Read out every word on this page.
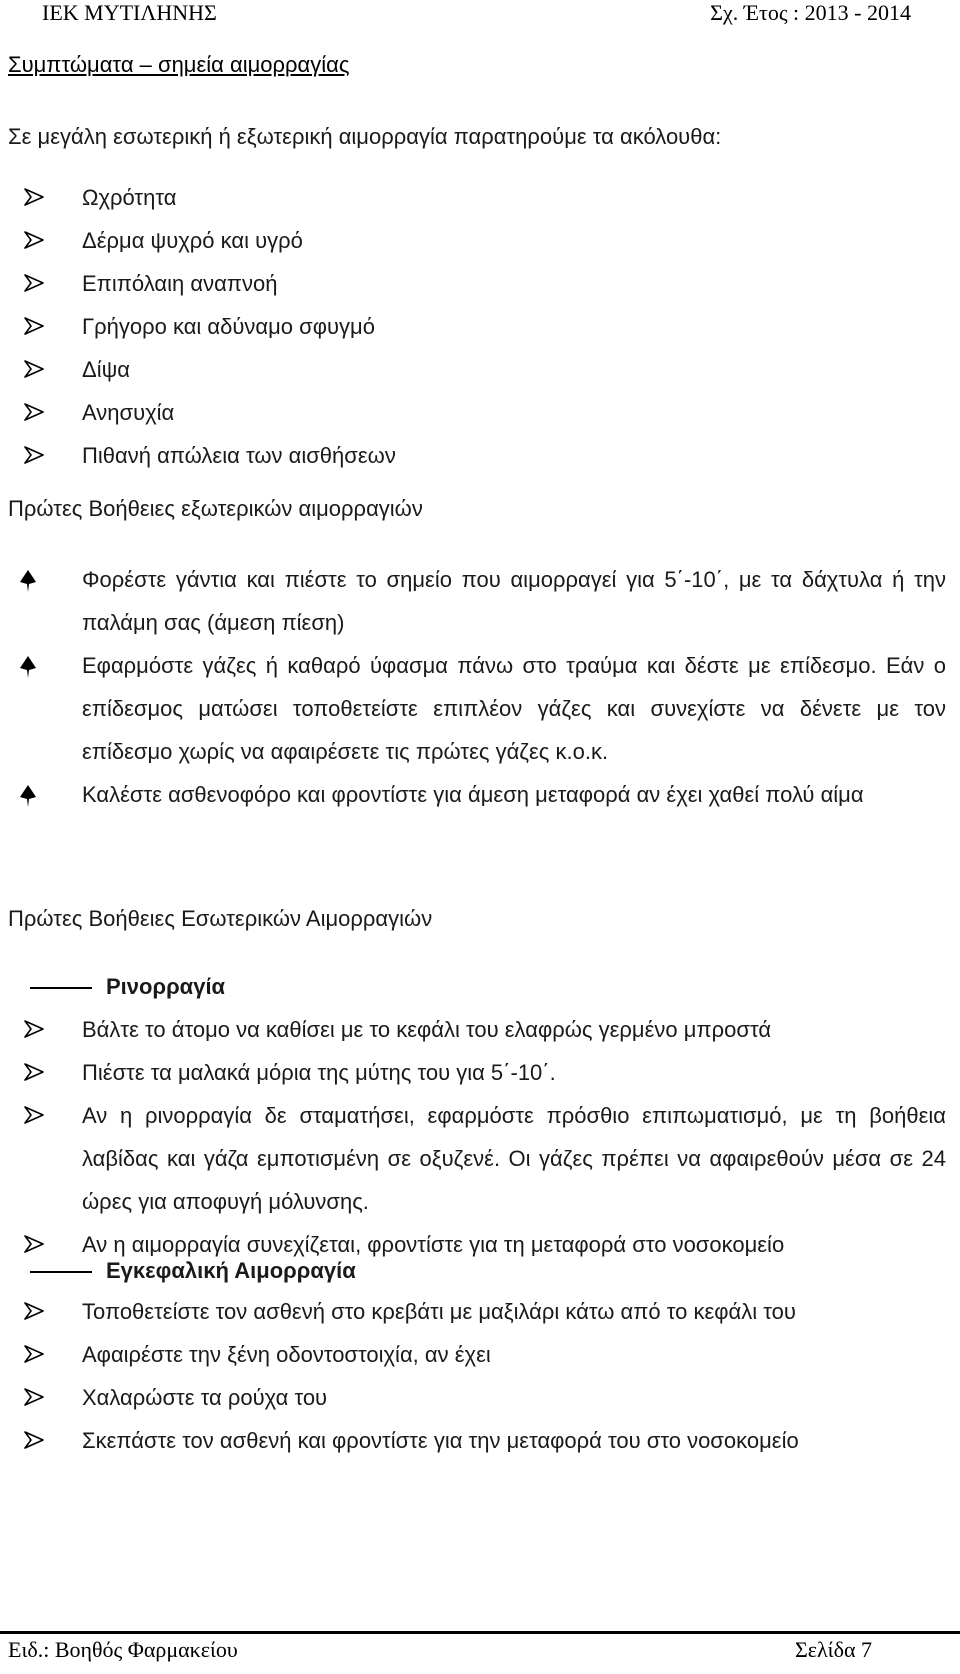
ΙΕΚ ΜΥΤΙΛΗΝΗΣ	Σχ. Έτος : 2013 - 2014
Συμπτώματα – σημεία αιμορραγίας
Σε μεγάλη εσωτερική ή εξωτερική αιμορραγία παρατηρούμε τα ακόλουθα:
Ωχρότητα
Δέρμα ψυχρό και υγρό
Επιπόλαιη αναπνοή
Γρήγορο και αδύναμο σφυγμό
Δίψα
Ανησυχία
Πιθανή απώλεια των αισθήσεων
Πρώτες Βοήθειες εξωτερικών αιμορραγιών
Φορέστε γάντια και πιέστε το σημείο που αιμορραγεί για 5΄-10΄, με τα δάχτυλα ή την παλάμη σας (άμεση πίεση)
Εφαρμόστε γάζες ή καθαρό ύφασμα πάνω στο τραύμα και δέστε με επίδεσμο. Εάν ο επίδεσμος ματώσει τοποθετείστε επιπλέον γάζες και συνεχίστε να δένετε με τον επίδεσμο χωρίς να αφαιρέσετε τις πρώτες γάζες κ.ο.κ.
Καλέστε ασθενοφόρο και φροντίστε για άμεση μεταφορά αν έχει χαθεί πολύ αίμα
Πρώτες Βοήθειες Εσωτερικών Αιμορραγιών
Ρινορραγία
Βάλτε το άτομο να καθίσει με το κεφάλι του ελαφρώς γερμένο μπροστά
Πιέστε τα μαλακά μόρια της μύτης του για 5΄-10΄.
Αν η ρινορραγία δε σταματήσει, εφαρμόστε πρόσθιο επιπωματισμό, με τη βοήθεια λαβίδας και γάζα εμποτισμένη σε οξυζενέ. Οι γάζες πρέπει να αφαιρεθούν μέσα σε 24 ώρες για αποφυγή μόλυνσης.
Αν η αιμορραγία συνεχίζεται, φροντίστε για τη μεταφορά στο νοσοκομείο
Εγκεφαλική Αιμορραγία
Τοποθετείστε τον ασθενή στο κρεβάτι με μαξιλάρι κάτω από το κεφάλι του
Αφαιρέστε την ξένη οδοντοστοιχία, αν έχει
Χαλαρώστε τα ρούχα του
Σκεπάστε τον ασθενή και φροντίστε για την μεταφορά του στο νοσοκομείο
Ειδ.: Βοηθός Φαρμακείου	Σελίδα 7
